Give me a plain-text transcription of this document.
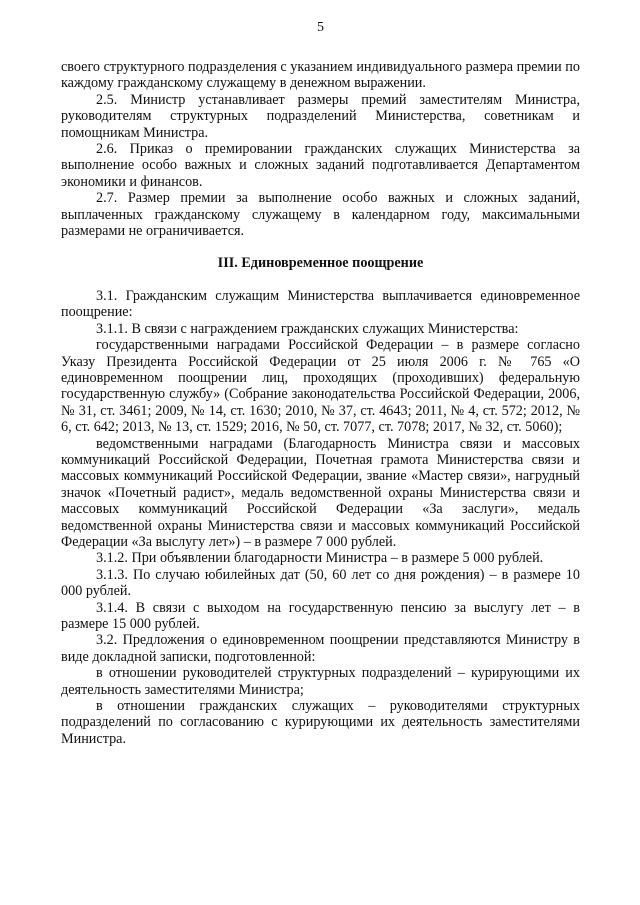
5

своего структурного подразделения с указанием индивидуального размера премии по каждому гражданскому служащему в денежном выражении.

2.5. Министр устанавливает размеры премий заместителям Министра, руководителям структурных подразделений Министерства, советникам и помощникам Министра.

2.6. Приказ о премировании гражданских служащих Министерства за выполнение особо важных и сложных заданий подготавливается Департаментом экономики и финансов.

2.7. Размер премии за выполнение особо важных и сложных заданий, выплаченных гражданскому служащему в календарном году, максимальными размерами не ограничивается.

III. Единовременное поощрение

3.1. Гражданским служащим Министерства выплачивается единовременное поощрение:

3.1.1. В связи с награждением гражданских служащих Министерства:

государственными наградами Российской Федерации – в размере согласно Указу Президента Российской Федерации от 25 июля 2006 г. № 765 «О единовременном поощрении лиц, проходящих (проходивших) федеральную государственную службу» (Собрание законодательства Российской Федерации, 2006, № 31, ст. 3461; 2009, № 14, ст. 1630; 2010, № 37, ст. 4643; 2011, № 4, ст. 572; 2012, № 6, ст. 642; 2013, № 13, ст. 1529; 2016, № 50, ст. 7077, ст. 7078; 2017, № 32, ст. 5060);

ведомственными наградами (Благодарность Министра связи и массовых коммуникаций Российской Федерации, Почетная грамота Министерства связи и массовых коммуникаций Российской Федерации, звание «Мастер связи», нагрудный значок «Почетный радист», медаль ведомственной охраны Министерства связи и массовых коммуникаций Российской Федерации «За заслуги», медаль ведомственной охраны Министерства связи и массовых коммуникаций Российской Федерации «За выслугу лет») – в размере 7 000 рублей.

3.1.2. При объявлении благодарности Министра – в размере 5 000 рублей.

3.1.3. По случаю юбилейных дат (50, 60 лет со дня рождения) – в размере 10 000 рублей.

3.1.4. В связи с выходом на государственную пенсию за выслугу лет – в размере 15 000 рублей.

3.2. Предложения о единовременном поощрении представляются Министру в виде докладной записки, подготовленной:

в отношении руководителей структурных подразделений – курирующими их деятельность заместителями Министра;

в отношении гражданских служащих – руководителями структурных подразделений по согласованию с курирующими их деятельность заместителями Министра.
